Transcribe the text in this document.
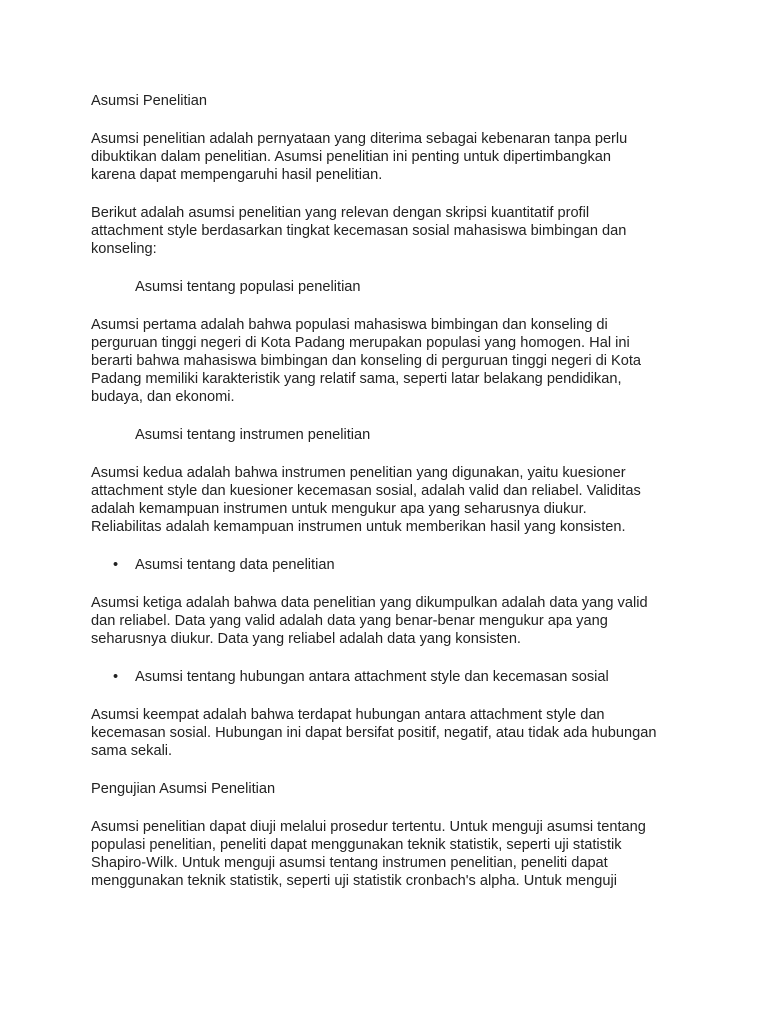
Asumsi Penelitian
Asumsi penelitian adalah pernyataan yang diterima sebagai kebenaran tanpa perlu
dibuktikan dalam penelitian. Asumsi penelitian ini penting untuk dipertimbangkan
karena dapat mempengaruhi hasil penelitian.
Berikut adalah asumsi penelitian yang relevan dengan skripsi kuantitatif profil
attachment style berdasarkan tingkat kecemasan sosial mahasiswa bimbingan dan
konseling:
Asumsi tentang populasi penelitian
Asumsi pertama adalah bahwa populasi mahasiswa bimbingan dan konseling di
perguruan tinggi negeri di Kota Padang merupakan populasi yang homogen. Hal ini
berarti bahwa mahasiswa bimbingan dan konseling di perguruan tinggi negeri di Kota
Padang memiliki karakteristik yang relatif sama, seperti latar belakang pendidikan,
budaya, dan ekonomi.
Asumsi tentang instrumen penelitian
Asumsi kedua adalah bahwa instrumen penelitian yang digunakan, yaitu kuesioner
attachment style dan kuesioner kecemasan sosial, adalah valid dan reliabel. Validitas
adalah kemampuan instrumen untuk mengukur apa yang seharusnya diukur.
Reliabilitas adalah kemampuan instrumen untuk memberikan hasil yang konsisten.
• Asumsi tentang data penelitian
Asumsi ketiga adalah bahwa data penelitian yang dikumpulkan adalah data yang valid
dan reliabel. Data yang valid adalah data yang benar-benar mengukur apa yang
seharusnya diukur. Data yang reliabel adalah data yang konsisten.
• Asumsi tentang hubungan antara attachment style dan kecemasan sosial
Asumsi keempat adalah bahwa terdapat hubungan antara attachment style dan
kecemasan sosial. Hubungan ini dapat bersifat positif, negatif, atau tidak ada hubungan
sama sekali.
Pengujian Asumsi Penelitian
Asumsi penelitian dapat diuji melalui prosedur tertentu. Untuk menguji asumsi tentang
populasi penelitian, peneliti dapat menggunakan teknik statistik, seperti uji statistik
Shapiro-Wilk. Untuk menguji asumsi tentang instrumen penelitian, peneliti dapat
menggunakan teknik statistik, seperti uji statistik cronbach's alpha. Untuk menguji
